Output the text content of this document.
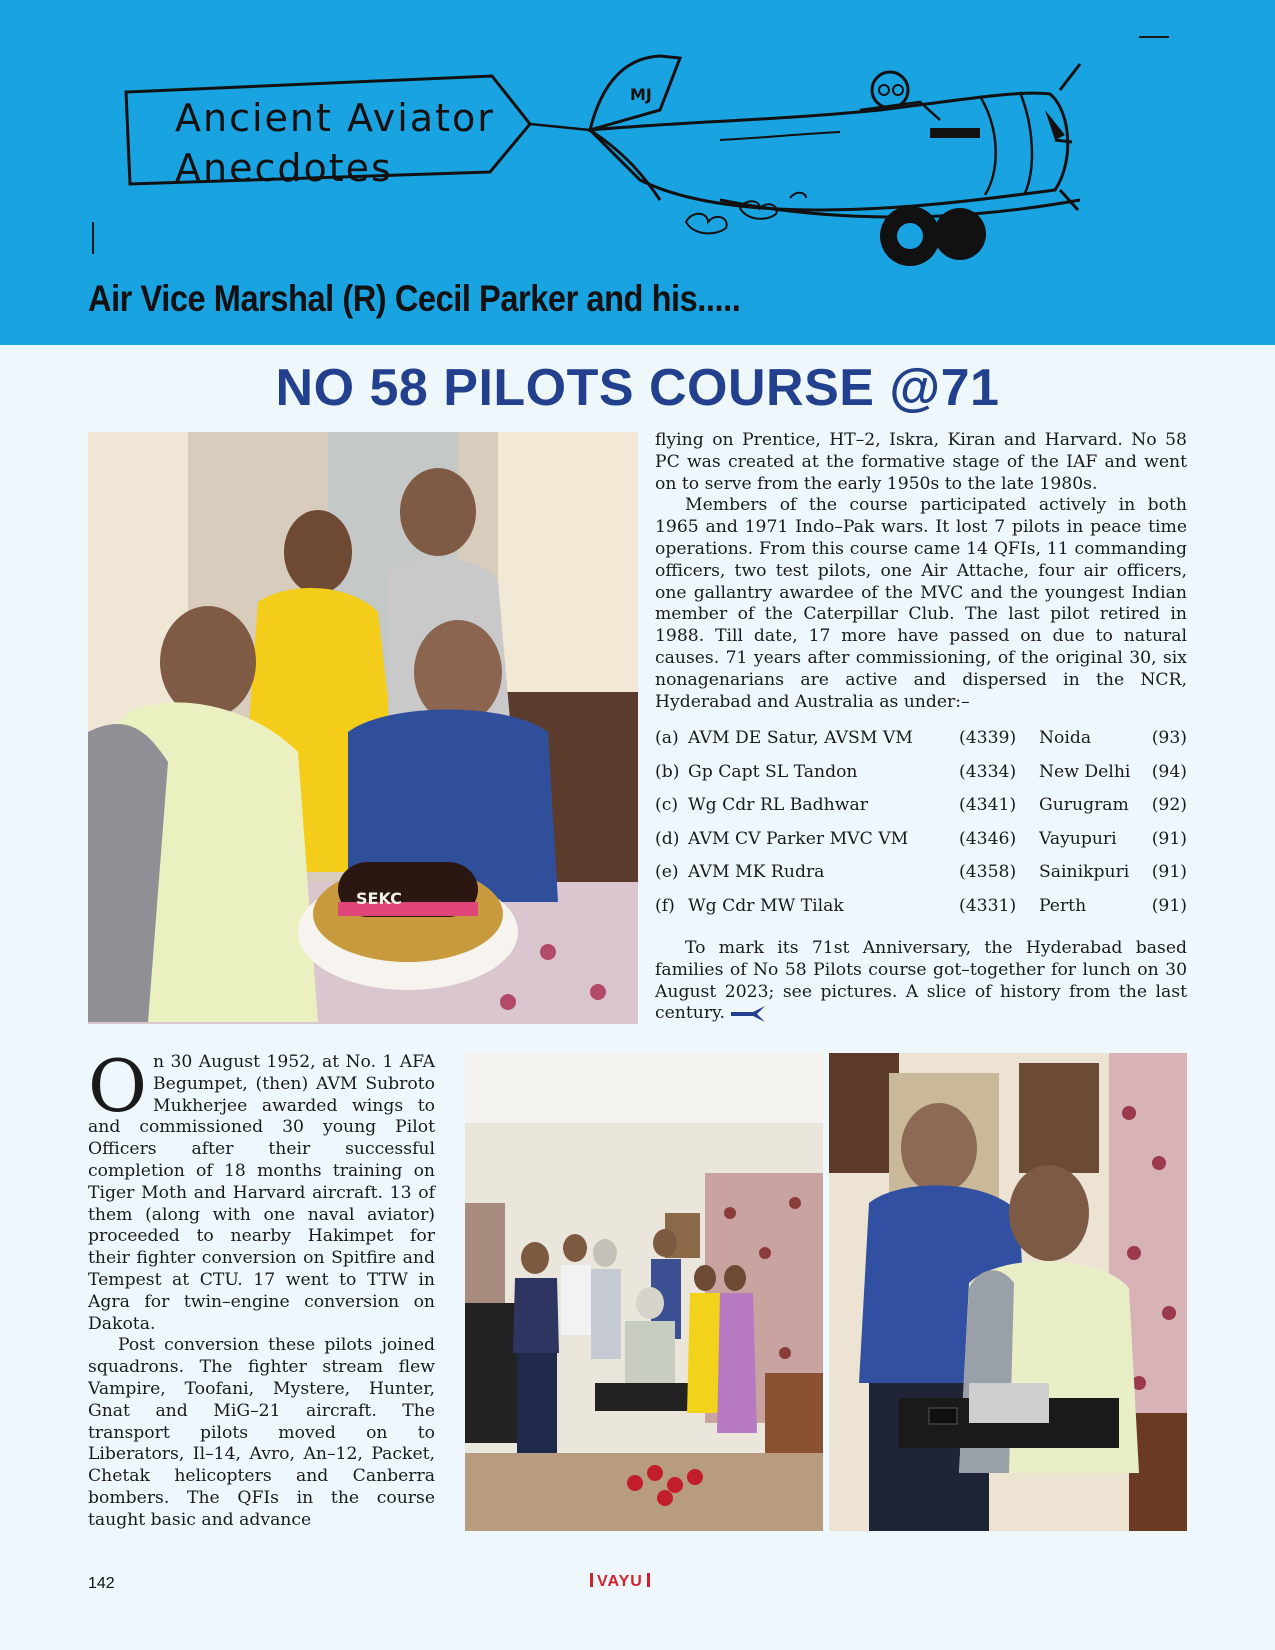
MJ
Ancient Aviator
Anecdotes
Air Vice Marshal (R) Cecil Parker and his.....
NO 58 PILOTS COURSE @71
SEKC

flying on Prentice, HT–2, Iskra, Kiran and Harvard. No 58 PC was created at the formative stage of the IAF and went on to serve from the early 1950s to the late 1980s.

Members of the course participated actively in both 1965 and 1971 Indo–Pak wars. It lost 7 pilots in peace time operations. From this course came 14 QFIs, 11 commanding officers, two test pilots, one Air Attache, four air officers, one gallantry awardee of the MVC and the youngest Indian member of the Caterpillar Club. The last pilot retired in 1988. Till date, 17 more have passed on due to natural causes. 71 years after commissioning, of the original 30, six nonagenarians are active and dispersed in the NCR, Hyderabad and Australia as under:–

(a) AVM DE Satur, AVSM VM	(4339) Noida	(93)
(b) Gp Capt SL Tandon	(4334) New Delhi (94)
(c) Wg Cdr RL Badhwar	(4341) Gurugram (92)
(d) AVM CV Parker MVC VM	(4346) Vayupuri (91)
(e) AVM MK Rudra	(4358) Sainikpuri (91)
(f) Wg Cdr MW Tilak	(4331) Perth	(91)

To mark its 71st Anniversary, the Hyderabad based families of No 58 Pilots course got–together for lunch on 30 August 2023; see pictures. A slice of history from the last century.

On 30 August 1952, at No. 1 AFA Begumpet, (then) AVM Subroto Mukherjee awarded wings to and commissioned 30 young Pilot Officers after their successful completion of 18 months training on Tiger Moth and Harvard aircraft. 13 of them (along with one naval aviator) proceeded to nearby Hakimpet for their fighter conversion on Spitfire and Tempest at CTU. 17 went to TTW in Agra for twin–engine conversion on Dakota.

Post conversion these pilots joined squadrons. The fighter stream flew Vampire, Toofani, Mystere, Hunter, Gnat and MiG–21 aircraft. The transport pilots moved on to Liberators, Il–14, Avro, An–12, Packet, Chetak helicopters and Canberra bombers. The QFIs in the course taught basic and advance

142	VAYU
